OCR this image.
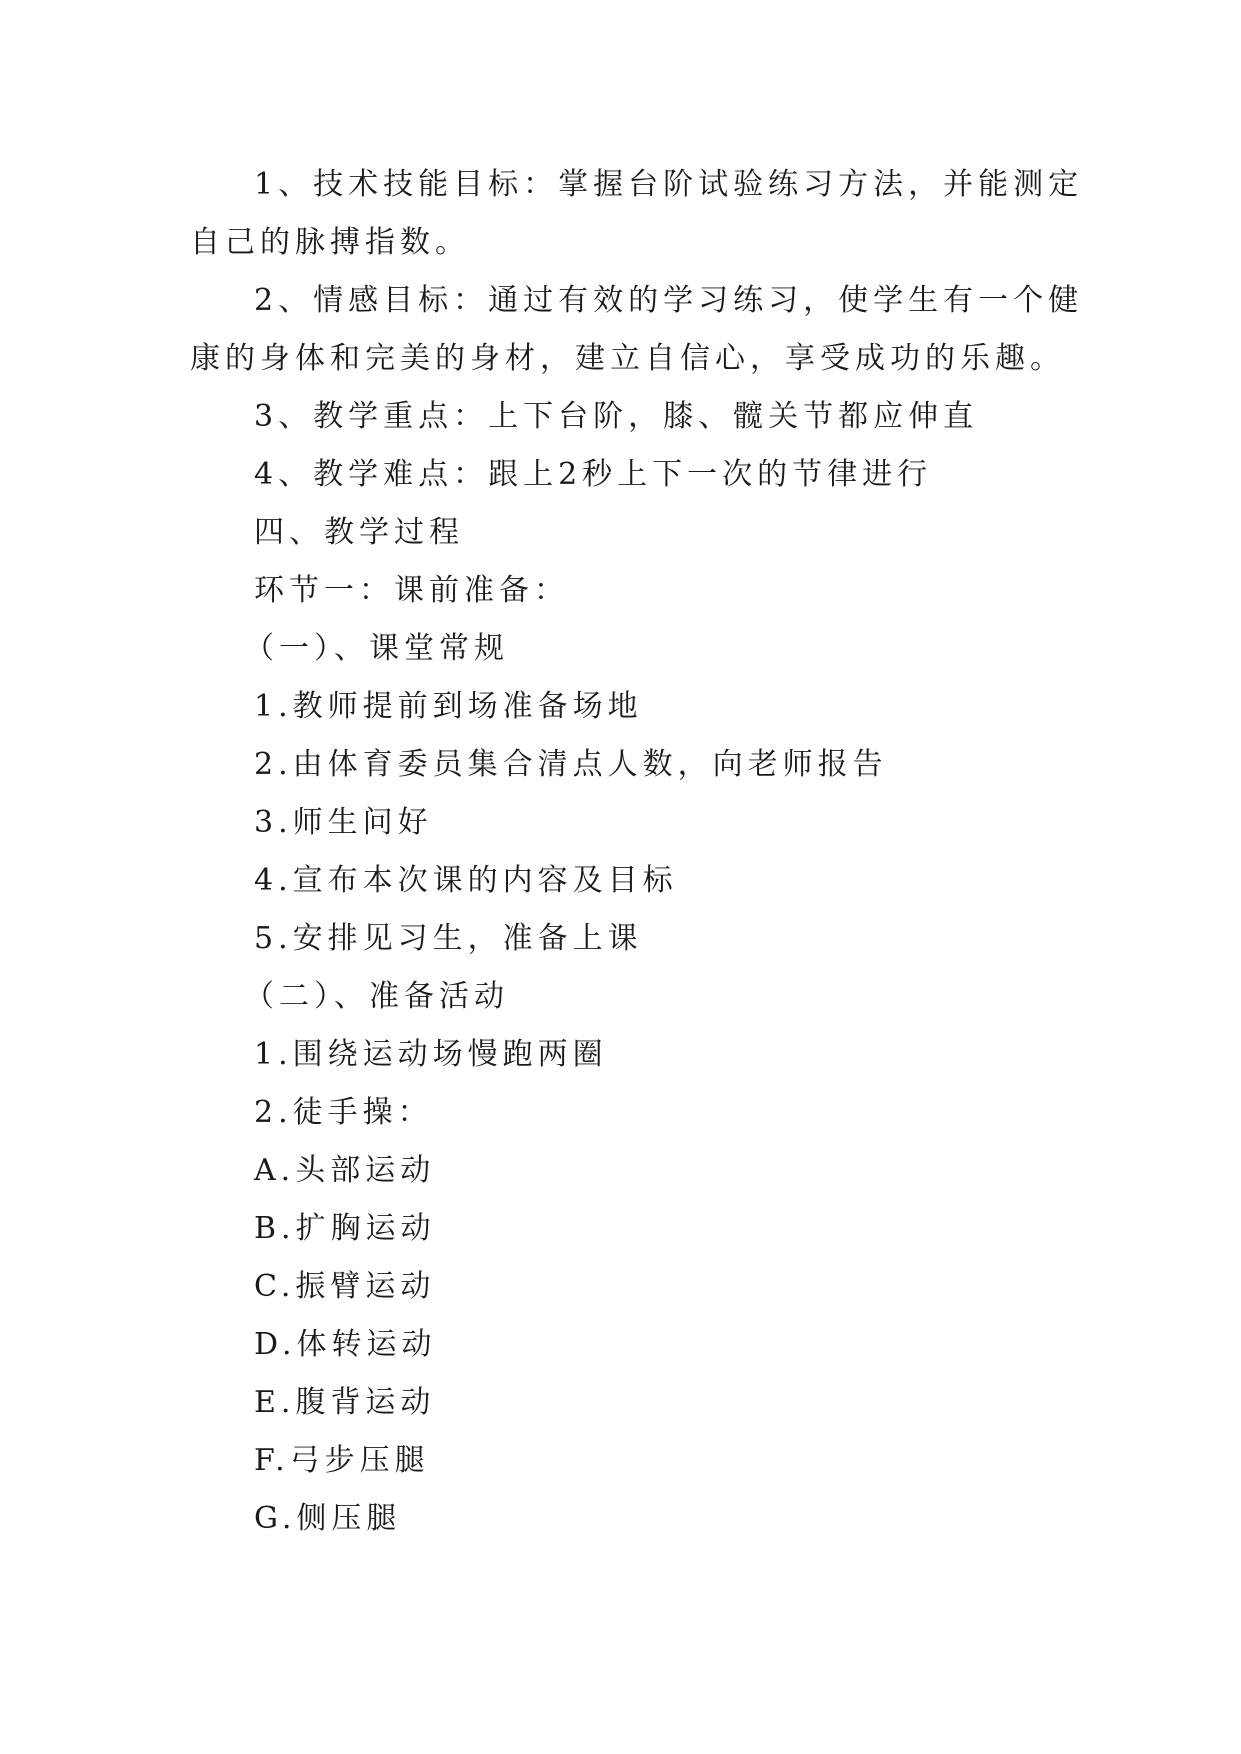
1、技术技能目标：掌握台阶试验练习方法，并能测定
自己的脉搏指数。
2、情感目标：通过有效的学习练习，使学生有一个健
康的身体和完美的身材，建立自信心，享受成功的乐趣。
3、教学重点：上下台阶，膝、髋关节都应伸直
4、教学难点：跟上2秒上下一次的节律进行
四、教学过程
环节一：课前准备：
（一）、课堂常规
1.教师提前到场准备场地
2.由体育委员集合清点人数，向老师报告
3.师生问好
4.宣布本次课的内容及目标
5.安排见习生，准备上课
（二）、准备活动
1.围绕运动场慢跑两圈
2.徒手操：
A.头部运动
B.扩胸运动
C.振臂运动
D.体转运动
E.腹背运动
F.弓步压腿
G.侧压腿
